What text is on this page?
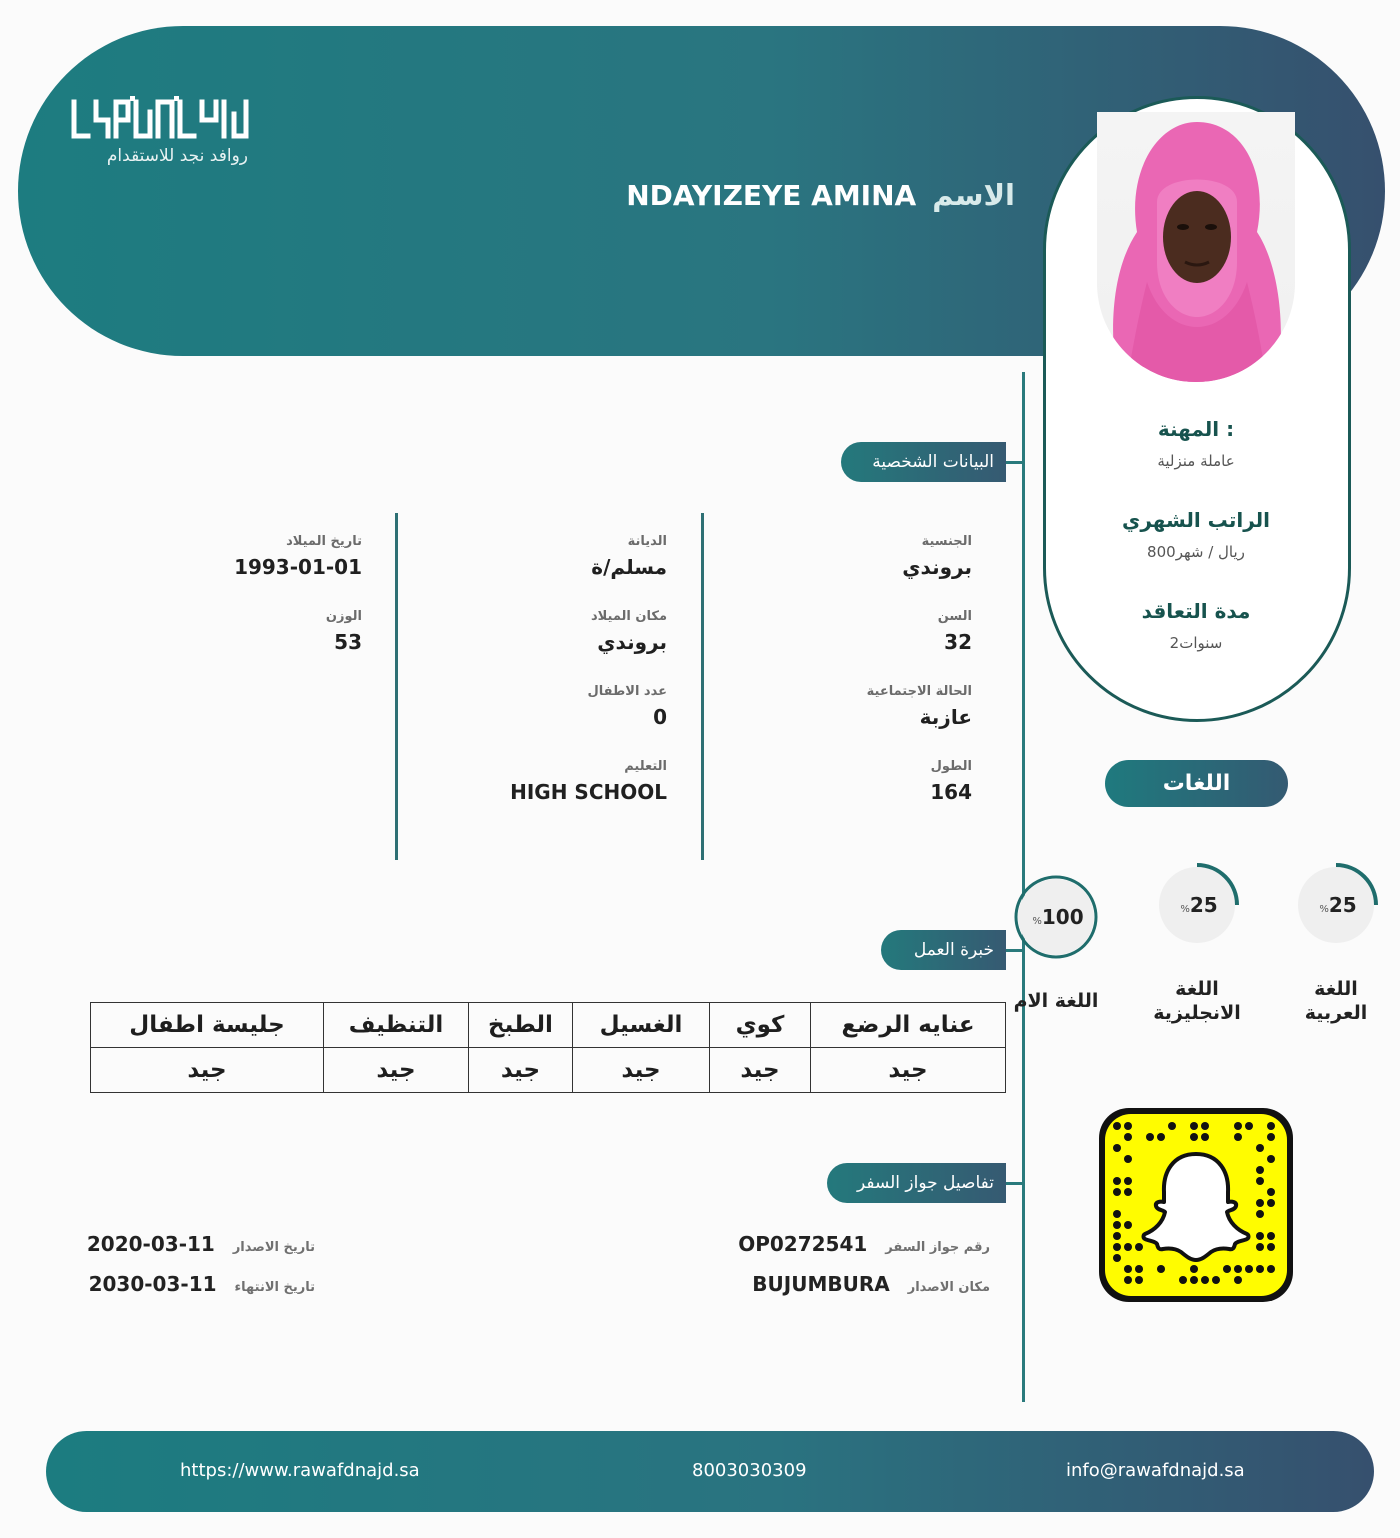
روافد نجد للاستقدام
الاسم
NDAYIZEYE AMINA
المهنة :
عاملة منزلية
الراتب الشهري
800ريال / شهر
مدة التعاقد
2سنوات
البيانات الشخصية
خبرة العمل
تفاصيل جواز السفر
الجنسية
بروندي
السن
32
الحالة الاجتماعية
عازبة
الطول
164
الديانة
مسلم/ة
مكان الميلاد
بروندي
عدد الاطفال
0
التعليم
HIGH SCHOOL
تاريخ الميلاد
1993-01-01
الوزن
53
اللغات
%25
اللغة
العربية
%25
اللغة
الانجليزية
%100
اللغة الام
عنايه الرضع	كوي	الغسيل	الطبخ	التنظيف	جليسة اطفال
جيد	جيد	جيد	جيد	جيد	جيد
رقم جواز السفر
OP0272541
مكان الاصدار
BUJUMBURA
تاريخ الاصدار
2020-03-11
تاريخ الانتهاء
2030-03-11
https://www.rawafdnajd.sa	8003030309	info@rawafdnajd.sa
